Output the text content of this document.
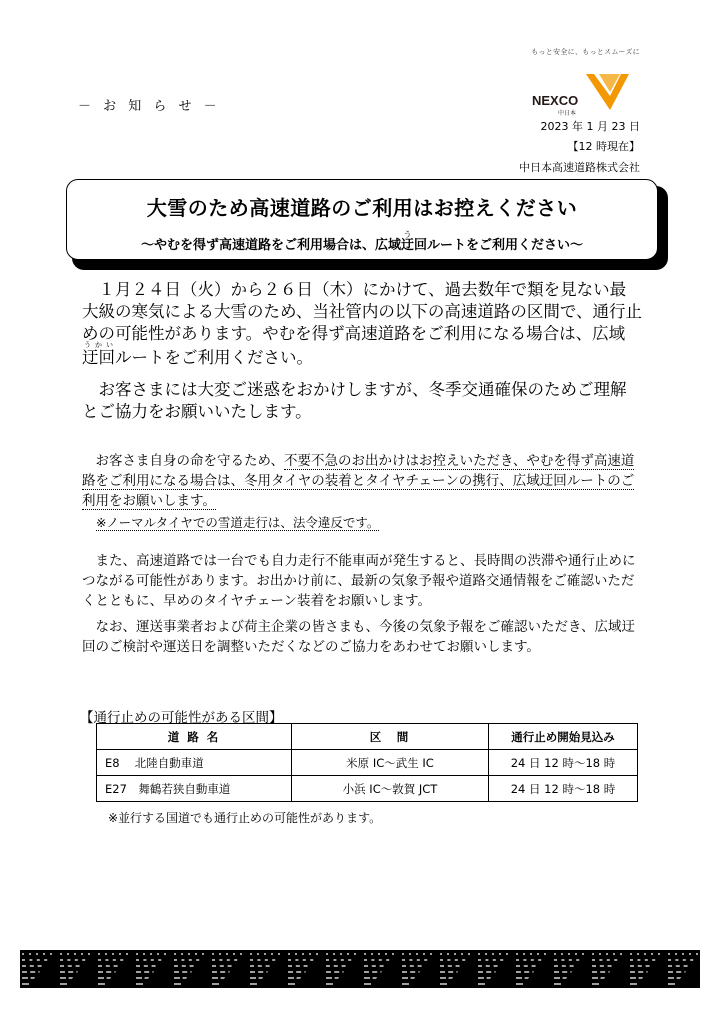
もっと安全に、もっとスムーズに
－ お 知 ら せ －	NEXCO
中日本
2023 年 1 月 23 日
【12 時現在】
中日本高速道路株式会社
大雪のため高速道路のご利用はお控えください
～やむを得ず高速道路をご利用場合は、広域迂う回ルートをご利用ください～
１月２４日（火）から２６日（木）にかけて、過去数年で類を見ない最大級の寒気による大雪のため、当社管内の以下の高速道路の区間で、通行止めの可能性があります。やむを得ず高速道路をご利用になる場合は、広域迂回うかいルートをご利用ください。
お客さまには大変ご迷惑をおかけしますが、冬季交通確保のためご理解とご協力をお願いいたします。
お客さま自身の命を守るため、不要不急のお出かけはお控えいただき、やむを得ず高速道路をご利用になる場合は、冬用タイヤの装着とタイヤチェーンの携行、広域迂回ルートのご利用をお願いします。
※ノーマルタイヤでの雪道走行は、法令違反です。
また、高速道路では一台でも自力走行不能車両が発生すると、長時間の渋滞や通行止めにつながる可能性があります。お出かけ前に、最新の気象予報や道路交通情報をご確認いただくとともに、早めのタイヤチェーン装着をお願いします。
なお、運送事業者および荷主企業の皆さまも、今後の気象予報をご確認いただき、広域迂回のご検討や運送日を調整いただくなどのご協力をあわせてお願いします。
【通行止めの可能性がある区間】
道 路 名	区　間	通行止め開始見込み
E8　 北陸自動車道	米原 IC～武生 IC	24 日 12 時～18 時
E27　舞鶴若狭自動車道	小浜 IC～敦賀 JCT	24 日 12 時～18 時
※並行する国道でも通行止めの可能性があります。
